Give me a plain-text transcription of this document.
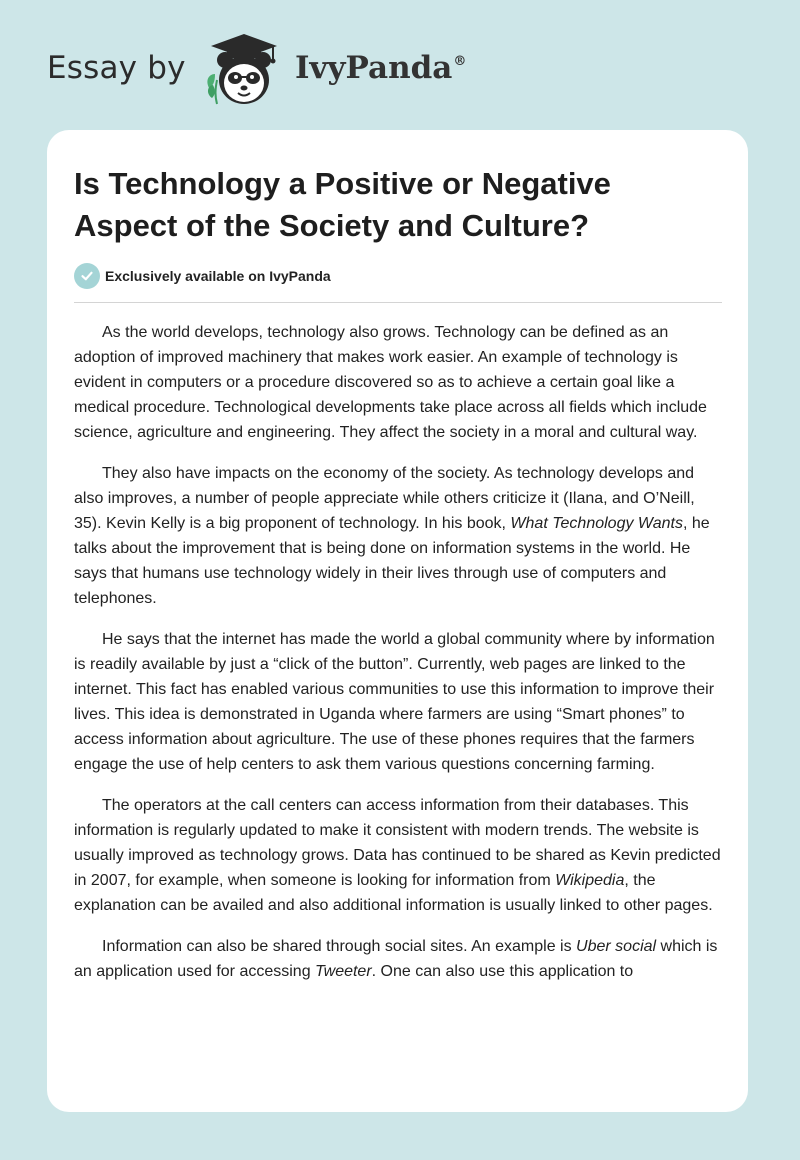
Essay by	IvyPanda®
Is Technology a Positive or Negative Aspect of the Society and Culture?
Exclusively available on IvyPanda

As the world develops, technology also grows. Technology can be defined as an adoption of improved machinery that makes work easier. An example of technology is evident in computers or a procedure discovered so as to achieve a certain goal like a medical procedure. Technological developments take place across all fields which include science, agriculture and engineering. They affect the society in a moral and cultural way.

They also have impacts on the economy of the society. As technology develops and also improves, a number of people appreciate while others criticize it (Ilana, and O’Neill, 35). Kevin Kelly is a big proponent of technology. In his book, What Technology Wants, he talks about the improvement that is being done on information systems in the world. He says that humans use technology widely in their lives through use of computers and telephones.

He says that the internet has made the world a global community where by information is readily available by just a “click of the button”. Currently, web pages are linked to the internet. This fact has enabled various communities to use this information to improve their lives. This idea is demonstrated in Uganda where farmers are using “Smart phones” to access information about agriculture. The use of these phones requires that the farmers engage the use of help centers to ask them various questions concerning farming.

The operators at the call centers can access information from their databases. This information is regularly updated to make it consistent with modern trends. The website is usually improved as technology grows. Data has continued to be shared as Kevin predicted in 2007, for example, when someone is looking for information from Wikipedia, the explanation can be availed and also additional information is usually linked to other pages.

Information can also be shared through social sites. An example is Uber social which is an application used for accessing Tweeter. One can also use this application to
